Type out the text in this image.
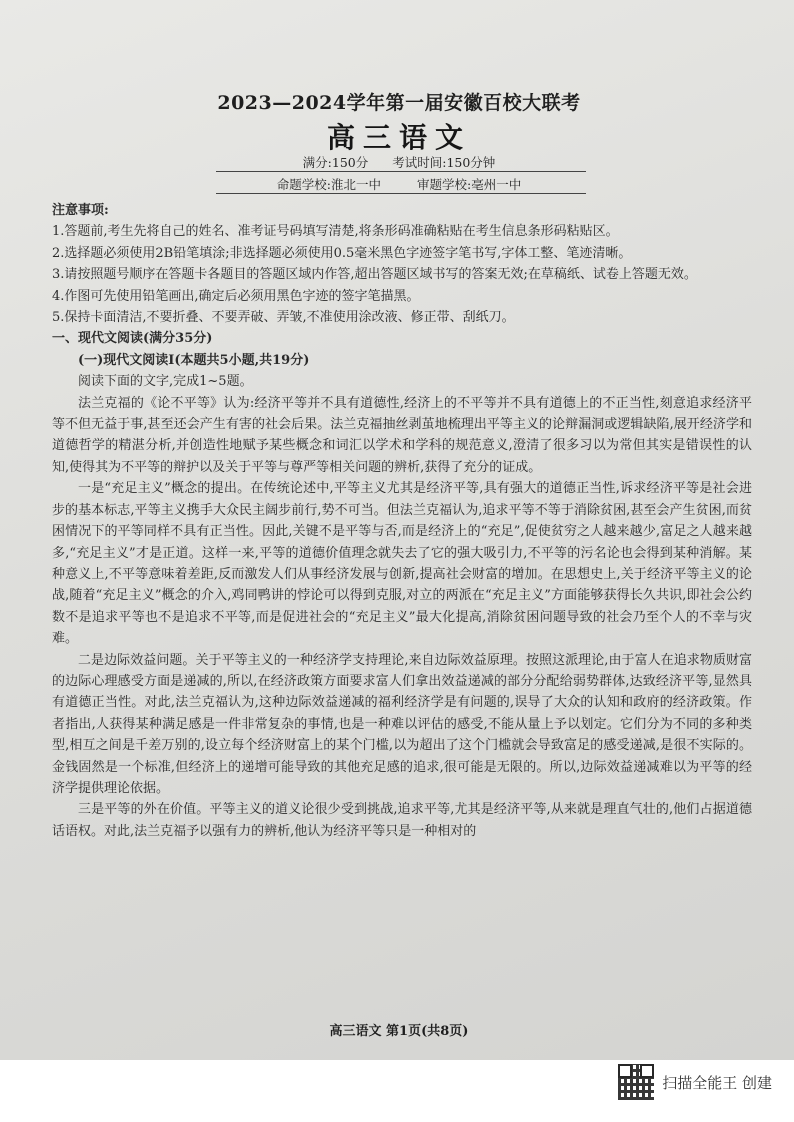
2023—2024学年第一届安徽百校大联考
高三语文
满分:150分 考试时间:150分钟
命题学校:淮北一中	审题学校:亳州一中

注意事项:

1.答题前,考生先将自己的姓名、准考证号码填写清楚,将条形码准确粘贴在考生信息条形码粘贴区。

2.选择题必须使用2B铅笔填涂;非选择题必须使用0.5毫米黑色字迹签字笔书写,字体工整、笔迹清晰。

3.请按照题号顺序在答题卡各题目的答题区域内作答,超出答题区域书写的答案无效;在草稿纸、试卷上答题无效。

4.作图可先使用铅笔画出,确定后必须用黑色字迹的签字笔描黑。

5.保持卡面清洁,不要折叠、不要弄破、弄皱,不准使用涂改液、修正带、刮纸刀。

一、现代文阅读(满分35分)

(一)现代文阅读Ⅰ(本题共5小题,共19分)

阅读下面的文字,完成1~5题。

法兰克福的《论不平等》认为:经济平等并不具有道德性,经济上的不平等并不具有道德上的不正当性,刻意追求经济平等不但无益于事,甚至还会产生有害的社会后果。法兰克福抽丝剥茧地梳理出平等主义的论辩漏洞或逻辑缺陷,展开经济学和道德哲学的精湛分析,并创造性地赋予某些概念和词汇以学术和学科的规范意义,澄清了很多习以为常但其实是错误性的认知,使得其为不平等的辩护以及关于平等与尊严等相关问题的辨析,获得了充分的证成。

一是“充足主义”概念的提出。在传统论述中,平等主义尤其是经济平等,具有强大的道德正当性,诉求经济平等是社会进步的基本标志,平等主义携手大众民主阔步前行,势不可当。但法兰克福认为,追求平等不等于消除贫困,甚至会产生贫困,而贫困情况下的平等同样不具有正当性。因此,关键不是平等与否,而是经济上的“充足”,促使贫穷之人越来越少,富足之人越来越多,“充足主义”才是正道。这样一来,平等的道德价值理念就失去了它的强大吸引力,不平等的污名论也会得到某种消解。某种意义上,不平等意味着差距,反而激发人们从事经济发展与创新,提高社会财富的增加。在思想史上,关于经济平等主义的论战,随着“充足主义”概念的介入,鸡同鸭讲的悖论可以得到克服,对立的两派在“充足主义”方面能够获得长久共识,即社会公约数不是追求平等也不是追求不平等,而是促进社会的“充足主义”最大化提高,消除贫困问题导致的社会乃至个人的不幸与灾难。

二是边际效益问题。关于平等主义的一种经济学支持理论,来自边际效益原理。按照这派理论,由于富人在追求物质财富的边际心理感受方面是递减的,所以,在经济政策方面要求富人们拿出效益递减的部分分配给弱势群体,达致经济平等,显然具有道德正当性。对此,法兰克福认为,这种边际效益递减的福利经济学是有问题的,误导了大众的认知和政府的经济政策。作者指出,人获得某种满足感是一件非常复杂的事情,也是一种难以评估的感受,不能从量上予以划定。它们分为不同的多种类型,相互之间是千差万别的,设立每个经济财富上的某个门槛,以为超出了这个门槛就会导致富足的感受递减,是很不实际的。金钱固然是一个标准,但经济上的递增可能导致的其他充足感的追求,很可能是无限的。所以,边际效益递减难以为平等的经济学提供理论依据。

三是平等的外在价值。平等主义的道义论很少受到挑战,追求平等,尤其是经济平等,从来就是理直气壮的,他们占据道德话语权。对此,法兰克福予以强有力的辨析,他认为经济平等只是一种相对的

高三语文 第1页(共8页)
扫描全能王 创建
